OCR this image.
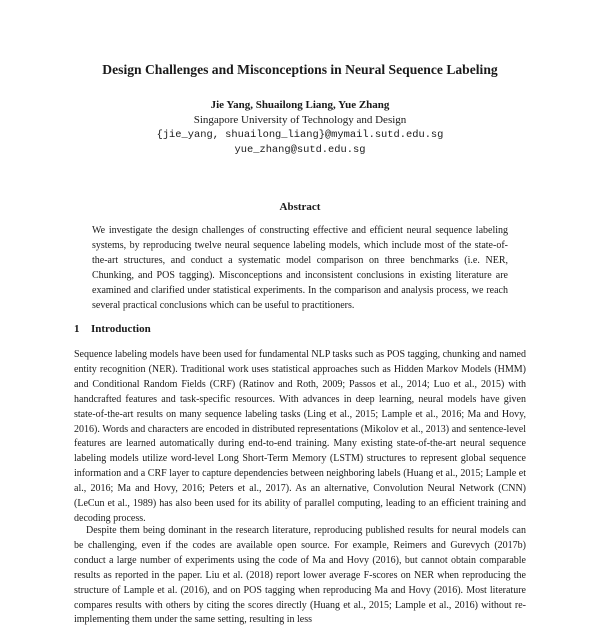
Design Challenges and Misconceptions in Neural Sequence Labeling
Jie Yang, Shuailong Liang, Yue Zhang
Singapore University of Technology and Design
{jie_yang, shuailong_liang}@mymail.sutd.edu.sg
yue_zhang@sutd.edu.sg
Abstract

We investigate the design challenges of constructing effective and efficient neural sequence labeling systems, by reproducing twelve neural sequence labeling models, which include most of the state-of-the-art structures, and conduct a systematic model comparison on three benchmarks (i.e. NER, Chunking, and POS tagging). Misconceptions and inconsistent conclusions in existing literature are examined and clarified under statistical experiments. In the comparison and analysis process, we reach several practical conclusions which can be useful to practitioners.

1 Introduction

Sequence labeling models have been used for fundamental NLP tasks such as POS tagging, chunking and named entity recognition (NER). Traditional work uses statistical approaches such as Hidden Markov Models (HMM) and Conditional Random Fields (CRF) (Ratinov and Roth, 2009; Passos et al., 2014; Luo et al., 2015) with handcrafted features and task-specific resources. With advances in deep learning, neural models have given state-of-the-art results on many sequence labeling tasks (Ling et al., 2015; Lample et al., 2016; Ma and Hovy, 2016). Words and characters are encoded in distributed representations (Mikolov et al., 2013) and sentence-level features are learned automatically during end-to-end training. Many existing state-of-the-art neural sequence labeling models utilize word-level Long Short-Term Memory (LSTM) structures to represent global sequence information and a CRF layer to capture dependencies between neighboring labels (Huang et al., 2015; Lample et al., 2016; Ma and Hovy, 2016; Peters et al., 2017). As an alternative, Convolution Neural Network (CNN) (LeCun et al., 1989) has also been used for its ability of parallel computing, leading to an efficient training and decoding process.

Despite them being dominant in the research literature, reproducing published results for neural models can be challenging, even if the codes are available open source. For example, Reimers and Gurevych (2017b) conduct a large number of experiments using the code of Ma and Hovy (2016), but cannot obtain comparable results as reported in the paper. Liu et al. (2018) report lower average F-scores on NER when reproducing the structure of Lample et al. (2016), and on POS tagging when reproducing Ma and Hovy (2016). Most literature compares results with others by citing the scores directly (Huang et al., 2015; Lample et al., 2016) without re-implementing them under the same setting, resulting in less
